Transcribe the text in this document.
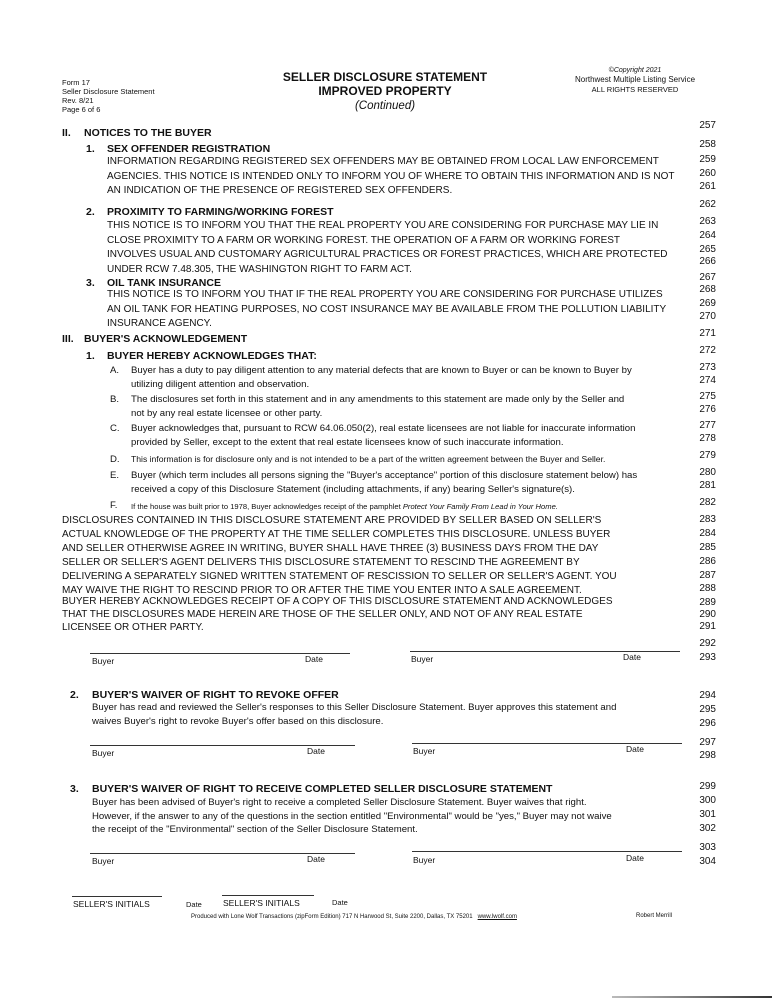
Form 17
Seller Disclosure Statement
Rev. 8/21
Page 6 of 6
SELLER DISCLOSURE STATEMENT
IMPROVED PROPERTY
(Continued)
©Copyright 2021
Northwest Multiple Listing Service
ALL RIGHTS RESERVED
257
258
259
260
261
262
263
264
265
266
267
268
269
270
271
272
273
274
275
276
277
278
279
280
281
282
283
284
285
286
287
288
289
290
291
292
293
294
295
296
297
298
299
300
301
302
303
304
II. NOTICES TO THE BUYER
1. SEX OFFENDER REGISTRATION
INFORMATION REGARDING REGISTERED SEX OFFENDERS MAY BE OBTAINED FROM LOCAL LAW ENFORCEMENT
AGENCIES. THIS NOTICE IS INTENDED ONLY TO INFORM YOU OF WHERE TO OBTAIN THIS INFORMATION AND IS NOT
AN INDICATION OF THE PRESENCE OF REGISTERED SEX OFFENDERS.
2. PROXIMITY TO FARMING/WORKING FOREST
THIS NOTICE IS TO INFORM YOU THAT THE REAL PROPERTY YOU ARE CONSIDERING FOR PURCHASE MAY LIE IN
CLOSE PROXIMITY TO A FARM OR WORKING FOREST. THE OPERATION OF A FARM OR WORKING FOREST
INVOLVES USUAL AND CUSTOMARY AGRICULTURAL PRACTICES OR FOREST PRACTICES, WHICH ARE PROTECTED
UNDER RCW 7.48.305, THE WASHINGTON RIGHT TO FARM ACT.
3. OIL TANK INSURANCE
THIS NOTICE IS TO INFORM YOU THAT IF THE REAL PROPERTY YOU ARE CONSIDERING FOR PURCHASE UTILIZES
AN OIL TANK FOR HEATING PURPOSES, NO COST INSURANCE MAY BE AVAILABLE FROM THE POLLUTION LIABILITY
INSURANCE AGENCY.
III. BUYER'S ACKNOWLEDGEMENT
1. BUYER HEREBY ACKNOWLEDGES THAT:
A. Buyer has a duty to pay diligent attention to any material defects that are known to Buyer or can be known to Buyer by
utilizing diligent attention and observation.
B. The disclosures set forth in this statement and in any amendments to this statement are made only by the Seller and
not by any real estate licensee or other party.
C. Buyer acknowledges that, pursuant to RCW 64.06.050(2), real estate licensees are not liable for inaccurate information
provided by Seller, except to the extent that real estate licensees know of such inaccurate information.
D. This information is for disclosure only and is not intended to be a part of the written agreement between the Buyer and Seller.
E. Buyer (which term includes all persons signing the "Buyer's acceptance" portion of this disclosure statement below) has
received a copy of this Disclosure Statement (including attachments, if any) bearing Seller's signature(s).
F. If the house was built prior to 1978, Buyer acknowledges receipt of the pamphlet Protect Your Family From Lead in Your Home.
DISCLOSURES CONTAINED IN THIS DISCLOSURE STATEMENT ARE PROVIDED BY SELLER BASED ON SELLER'S
ACTUAL KNOWLEDGE OF THE PROPERTY AT THE TIME SELLER COMPLETES THIS DISCLOSURE. UNLESS BUYER
AND SELLER OTHERWISE AGREE IN WRITING, BUYER SHALL HAVE THREE (3) BUSINESS DAYS FROM THE DAY
SELLER OR SELLER'S AGENT DELIVERS THIS DISCLOSURE STATEMENT TO RESCIND THE AGREEMENT BY
DELIVERING A SEPARATELY SIGNED WRITTEN STATEMENT OF RESCISSION TO SELLER OR SELLER'S AGENT. YOU
MAY WAIVE THE RIGHT TO RESCIND PRIOR TO OR AFTER THE TIME YOU ENTER INTO A SALE AGREEMENT.
BUYER HEREBY ACKNOWLEDGES RECEIPT OF A COPY OF THIS DISCLOSURE STATEMENT AND ACKNOWLEDGES
THAT THE DISCLOSURES MADE HEREIN ARE THOSE OF THE SELLER ONLY, AND NOT OF ANY REAL ESTATE
LICENSEE OR OTHER PARTY.
Buyer	Date	Buyer	Date
2. BUYER'S WAIVER OF RIGHT TO REVOKE OFFER
Buyer has read and reviewed the Seller's responses to this Seller Disclosure Statement. Buyer approves this statement and
waives Buyer's right to revoke Buyer's offer based on this disclosure.
Buyer	Date	Buyer	Date
3. BUYER'S WAIVER OF RIGHT TO RECEIVE COMPLETED SELLER DISCLOSURE STATEMENT
Buyer has been advised of Buyer's right to receive a completed Seller Disclosure Statement. Buyer waives that right.
However, if the answer to any of the questions in the section entitled "Environmental" would be "yes," Buyer may not waive
the receipt of the "Environmental" section of the Seller Disclosure Statement.
Buyer	Date	Buyer	Date
SELLER'S INITIALS	Date SELLER'S INITIALS	Date
Produced with Lone Wolf Transactions (zipForm Edition) 717 N Harwood St, Suite 2200, Dallas, TX 75201 www.lwolf.com	Robert Merrill
